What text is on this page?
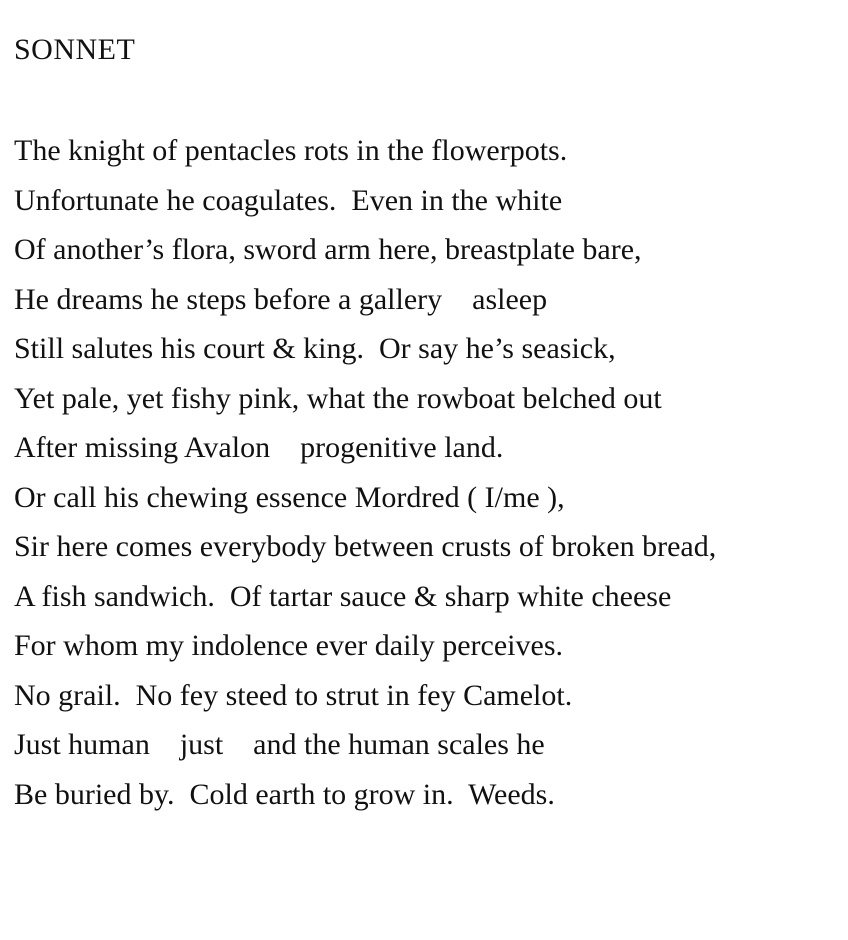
SONNET

The knight of pentacles rots in the flowerpots.

Unfortunate he coagulates.  Even in the white

Of another’s flora, sword arm here, breastplate bare,

He dreams he steps before a gallery    asleep

Still salutes his court & king.  Or say he’s seasick,

Yet pale, yet fishy pink, what the rowboat belched out

After missing Avalon    progenitive land.

Or call his chewing essence Mordred ( I/me ),

Sir here comes everybody between crusts of broken bread,

A fish sandwich.  Of tartar sauce & sharp white cheese

For whom my indolence ever daily perceives.

No grail.  No fey steed to strut in fey Camelot.

Just human    just    and the human scales he

Be buried by.  Cold earth to grow in.  Weeds.
